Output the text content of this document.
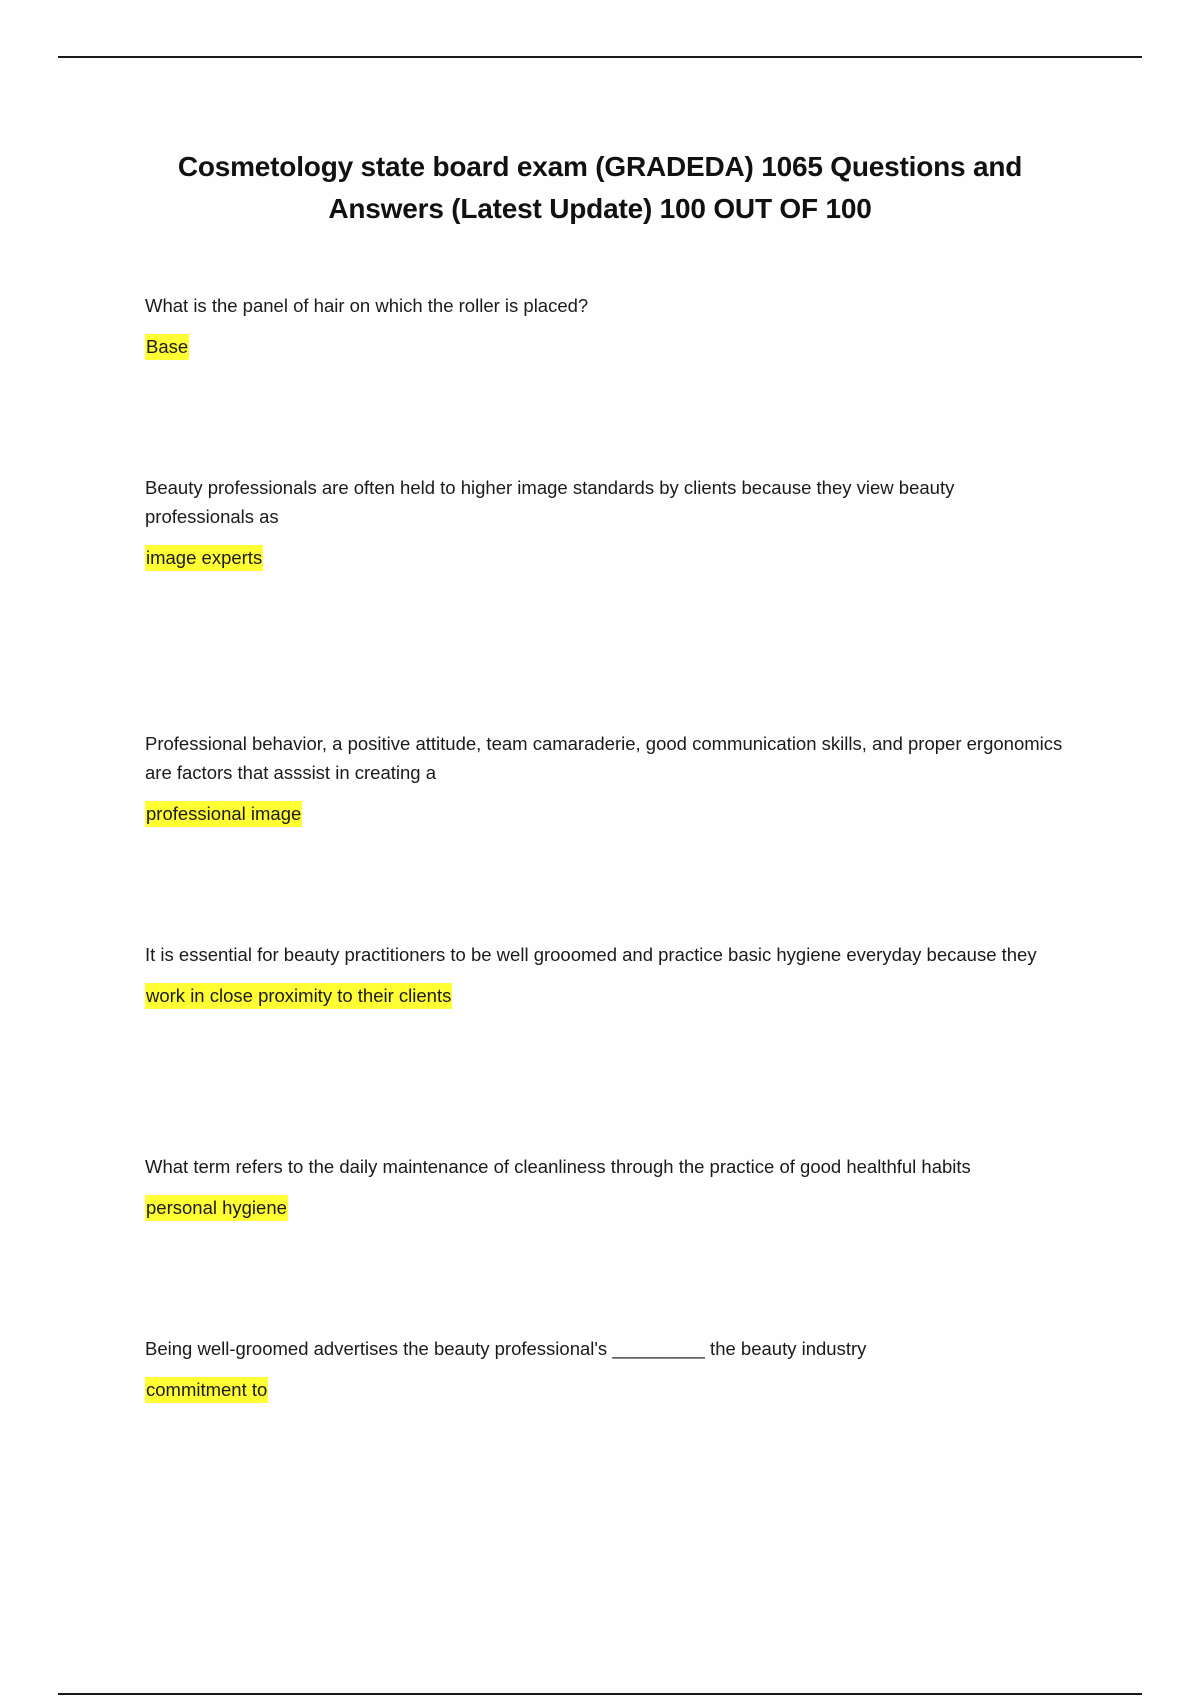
Cosmetology state board exam (GRADEDA) 1065 Questions and
Answers (Latest Update) 100 OUT OF 100

What is the panel of hair on which the roller is placed?

Base

Beauty professionals are often held to higher image standards by clients because they view beauty professionals as

image experts

Professional behavior, a positive attitude, team camaraderie, good communication skills, and proper ergonomics are factors that asssist in creating a

professional image

It is essential for beauty practitioners to be well grooomed and practice basic hygiene everyday because they

work in close proximity to their clients

What term refers to the daily maintenance of cleanliness through the practice of good healthful habits

personal hygiene

Being well-groomed advertises the beauty professional's _________ the beauty industry

commitment to
